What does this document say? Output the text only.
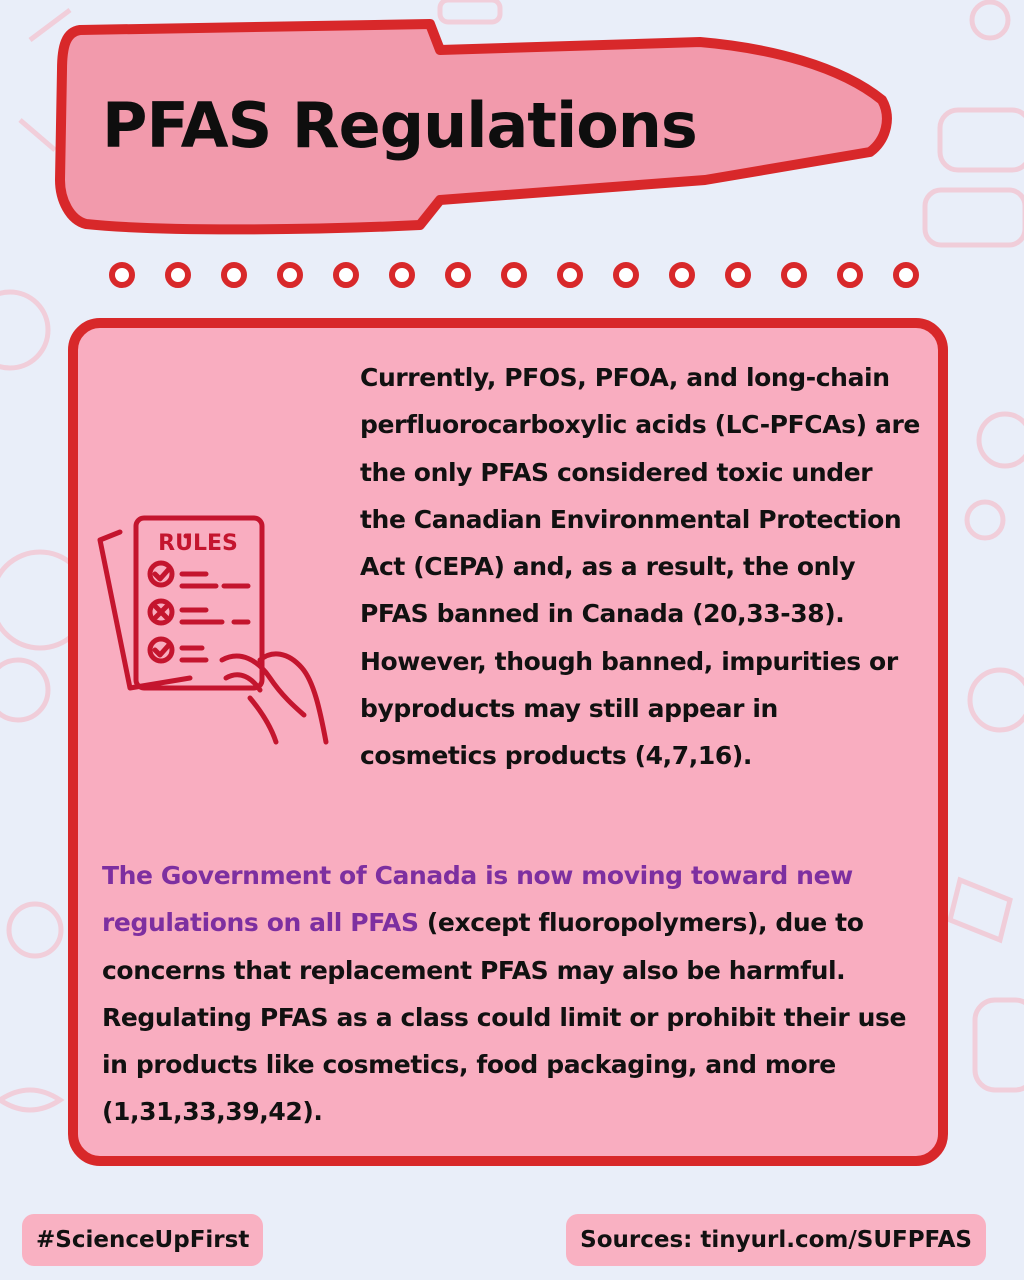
PFAS Regulations
RULES

Currently, PFOS, PFOA, and long-chain perfluorocarboxylic acids (LC-PFCAs) are the only PFAS considered toxic under the Canadian Environmental Protection Act (CEPA) and, as a result, the only PFAS banned in Canada (20,33-38). However, though banned, impurities or byproducts may still appear in cosmetics products (4,7,16).

The Government of Canada is now moving toward new regulations on all PFAS (except fluoropolymers), due to concerns that replacement PFAS may also be harmful. Regulating PFAS as a class could limit or prohibit their use in products like cosmetics, food packaging, and more (1,31,33,39,42).

#ScienceUpFirst	Sources: tinyurl.com/SUFPFAS
